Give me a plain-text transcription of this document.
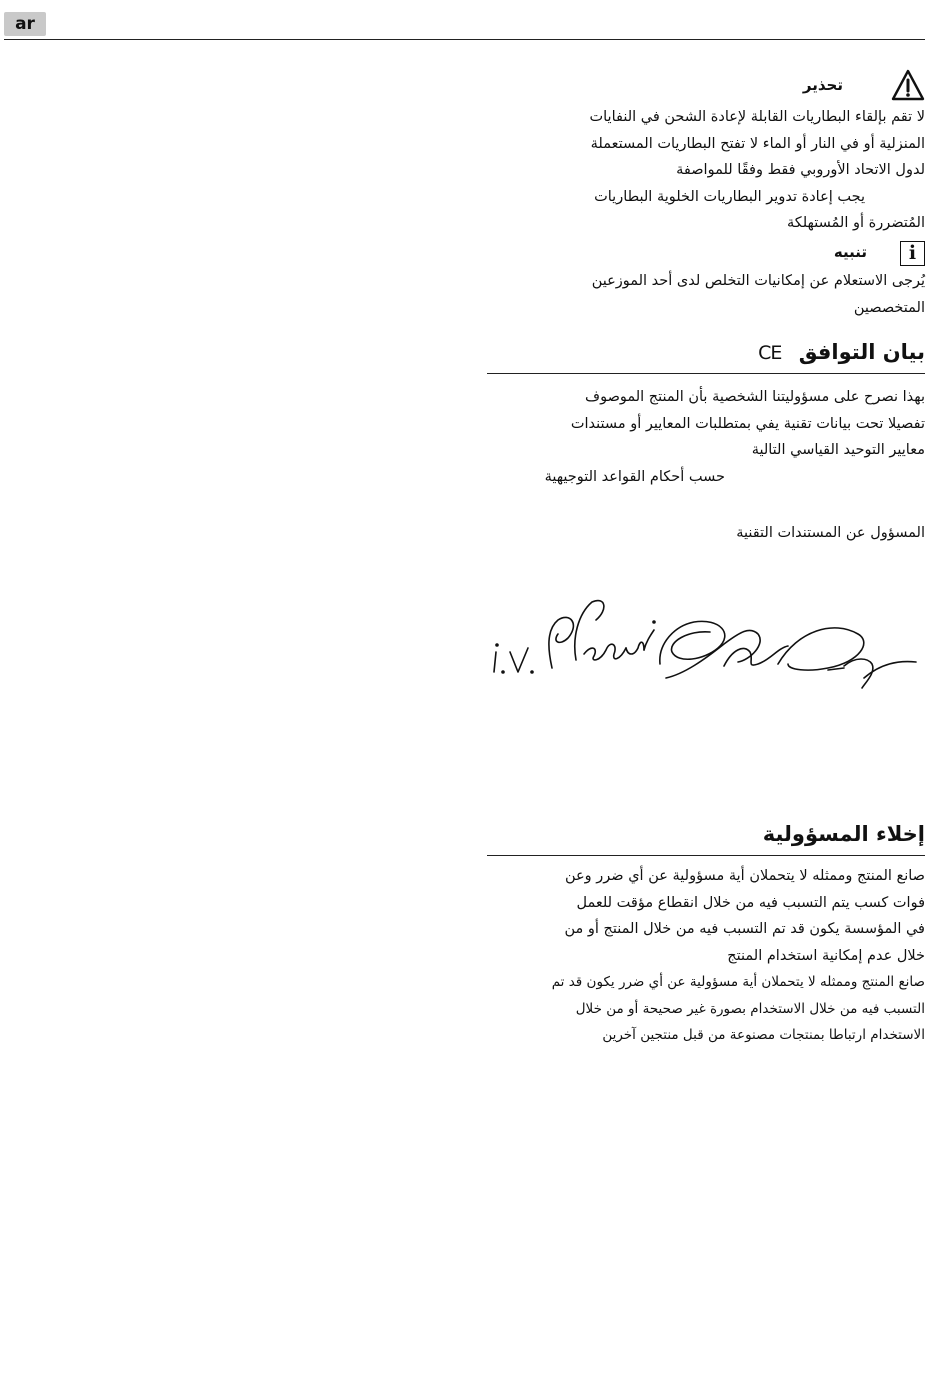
ar
تحذير
لا تقم بإلقاء البطاريات القابلة لإعادة الشحن في النفايات
المنزلية أو في النار أو الماء لا تفتح البطاريات المستعملة
لدول الاتحاد الأوروبي فقط وفقًا للمواصفة
يجب إعادة تدوير البطاريات الخلوية البطاريات
المُتضررة أو المُستهلكة
i
تنبيه
يُرجى الاستعلام عن إمكانيات التخلص لدى أحد الموزعين
المتخصصين
بيان التوافق CE
بهذا نصرح على مسؤوليتنا الشخصية بأن المنتج الموصوف
تفصيلا تحت بيانات تقنية يفي بمتطلبات المعايير أو مستندات
معايير التوحيد القياسي التالية
حسب أحكام القواعد التوجيهية
المسؤول عن المستندات التقنية
إخلاء المسؤولية
صانع المنتج وممثله لا يتحملان أية مسؤولية عن أي ضرر وعن
فوات كسب يتم التسبب فيه من خلال انقطاع مؤقت للعمل
في المؤسسة يكون قد تم التسبب فيه من خلال المنتج أو من
خلال عدم إمكانية استخدام المنتج
صانع المنتج وممثله لا يتحملان أية مسؤولية عن أي ضرر يكون قد تم
التسبب فيه من خلال الاستخدام بصورة غير صحيحة أو من خلال
الاستخدام ارتباطا بمنتجات مصنوعة من قبل منتجين آخرين
